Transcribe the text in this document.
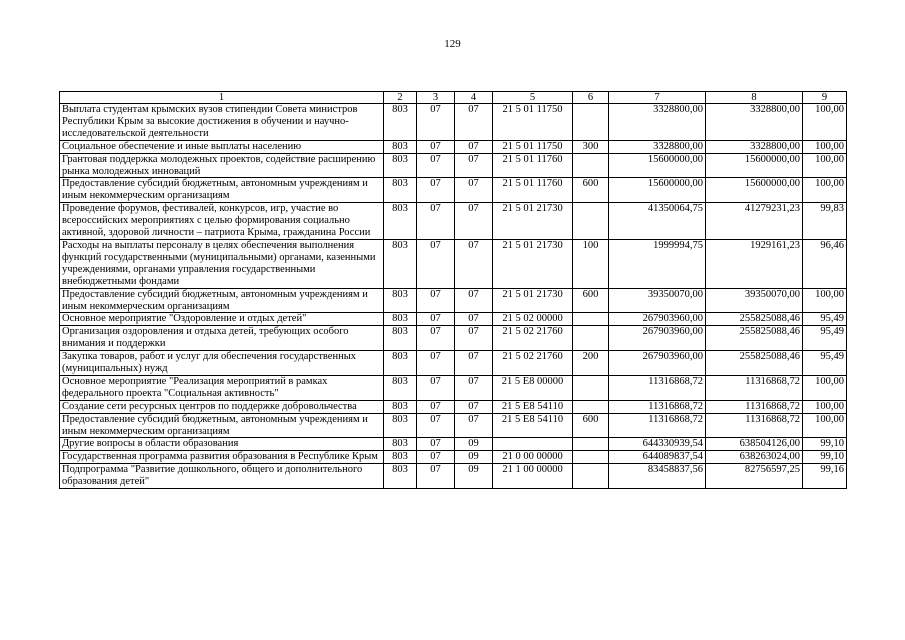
129
1	2	3	4	5	6	7	8	9
Выплата студентам крымских вузов стипендии Совета министров Республики Крым за высокие достижения в обучении и научно-исследовательской деятельности	803	07	07	21 5 01 11750		3328800,00	3328800,00	100,00
Социальное обеспечение и иные выплаты населению	803	07	07	21 5 01 11750	300	3328800,00	3328800,00	100,00
Грантовая поддержка молодежных проектов, содействие расширению рынка молодежных инноваций	803	07	07	21 5 01 11760		15600000,00	15600000,00	100,00
Предоставление субсидий бюджетным, автономным учреждениям и иным некоммерческим организациям	803	07	07	21 5 01 11760	600	15600000,00	15600000,00	100,00
Проведение форумов, фестивалей, конкурсов, игр, участие во всероссийских мероприятиях с целью формирования социально активной, здоровой личности – патриота Крыма, гражданина России	803	07	07	21 5 01 21730		41350064,75	41279231,23	99,83
Расходы на выплаты персоналу в целях обеспечения выполнения функций государственными (муниципальными) органами, казенными учреждениями, органами управления государственными внебюджетными фондами	803	07	07	21 5 01 21730	100	1999994,75	1929161,23	96,46
Предоставление субсидий бюджетным, автономным учреждениям и иным некоммерческим организациям	803	07	07	21 5 01 21730	600	39350070,00	39350070,00	100,00
Основное мероприятие "Оздоровление и отдых детей"	803	07	07	21 5 02 00000		267903960,00	255825088,46	95,49
Организация оздоровления и отдыха детей, требующих особого внимания и поддержки	803	07	07	21 5 02 21760		267903960,00	255825088,46	95,49
Закупка товаров, работ и услуг для обеспечения государственных (муниципальных) нужд	803	07	07	21 5 02 21760	200	267903960,00	255825088,46	95,49
Основное мероприятие "Реализация мероприятий в рамках федерального проекта "Социальная активность"	803	07	07	21 5 E8 00000		11316868,72	11316868,72	100,00
Создание сети ресурсных центров по поддержке добровольчества	803	07	07	21 5 E8 54110		11316868,72	11316868,72	100,00
Предоставление субсидий бюджетным, автономным учреждениям и иным некоммерческим организациям	803	07	07	21 5 E8 54110	600	11316868,72	11316868,72	100,00
Другие вопросы в области образования	803	07	09			644330939,54	638504126,00	99,10
Государственная программа развития образования в Республике Крым	803	07	09	21 0 00 00000		644089837,54	638263024,00	99,10
Подпрограмма "Развитие дошкольного, общего и дополнительного образования детей"	803	07	09	21 1 00 00000		83458837,56	82756597,25	99,16
